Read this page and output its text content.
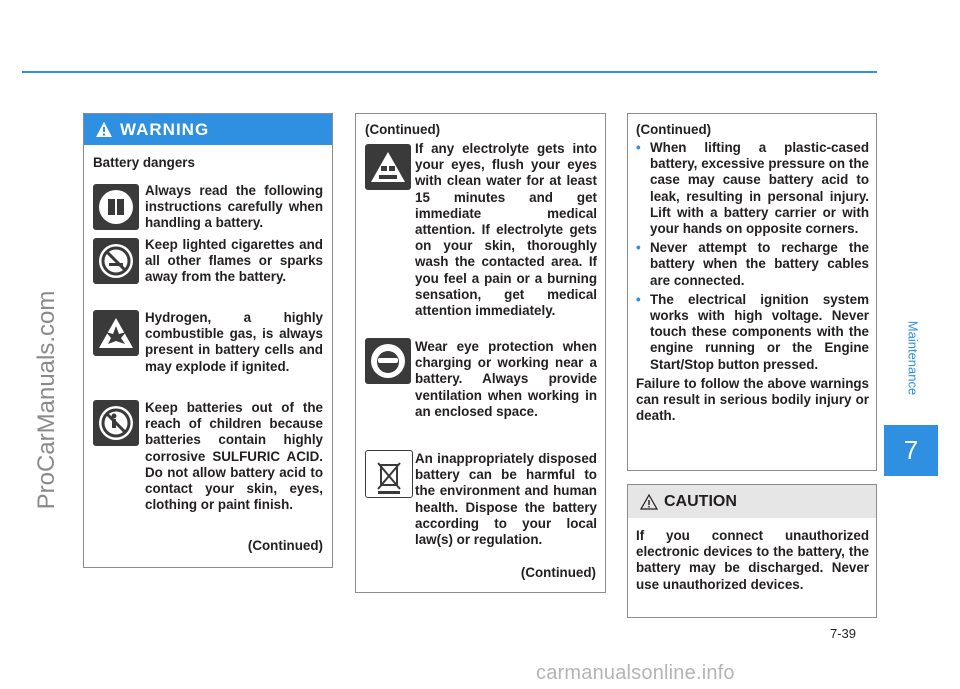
ProCarManuals.com	Maintenance
7
WARNING
Battery dangers
Always read the following instructions carefully when handling a battery.
Keep lighted cigarettes and all other flames or sparks away from the battery.
Hydrogen, a highly combustible gas, is always present in battery cells and may explode if ignited.
Keep batteries out of the reach of children because batteries contain highly corrosive SULFURIC ACID. Do not allow battery acid to contact your skin, eyes, clothing or paint finish.
(Continued)
(Continued)
If any electrolyte gets into your eyes, flush your eyes with clean water for at least 15 minutes and get immediate medical attention. If electrolyte gets on your skin, thoroughly wash the contacted area. If you feel a pain or a burning sensation, get medical attention immediately.
Wear eye protection when charging or working near a battery. Always provide ventilation when working in an enclosed space.
An inappropriately disposed battery can be harmful to the environment and human health. Dispose the battery according to your local law(s) or regulation.
(Continued)
(Continued)
• When lifting a plastic-cased battery, excessive pressure on the case may cause battery acid to leak, resulting in personal injury. Lift with a battery carrier or with your hands on opposite corners.
• Never attempt to recharge the battery when the battery cables are connected.
• The electrical ignition system works with high voltage. Never touch these components with the engine running or the Engine Start/Stop button pressed.
Failure to follow the above warnings can result in serious bodily injury or death.
CAUTION
If you connect unauthorized electronic devices to the battery, the battery may be discharged. Never use unauthorized devices.
7-39
carmanualsonline.info
